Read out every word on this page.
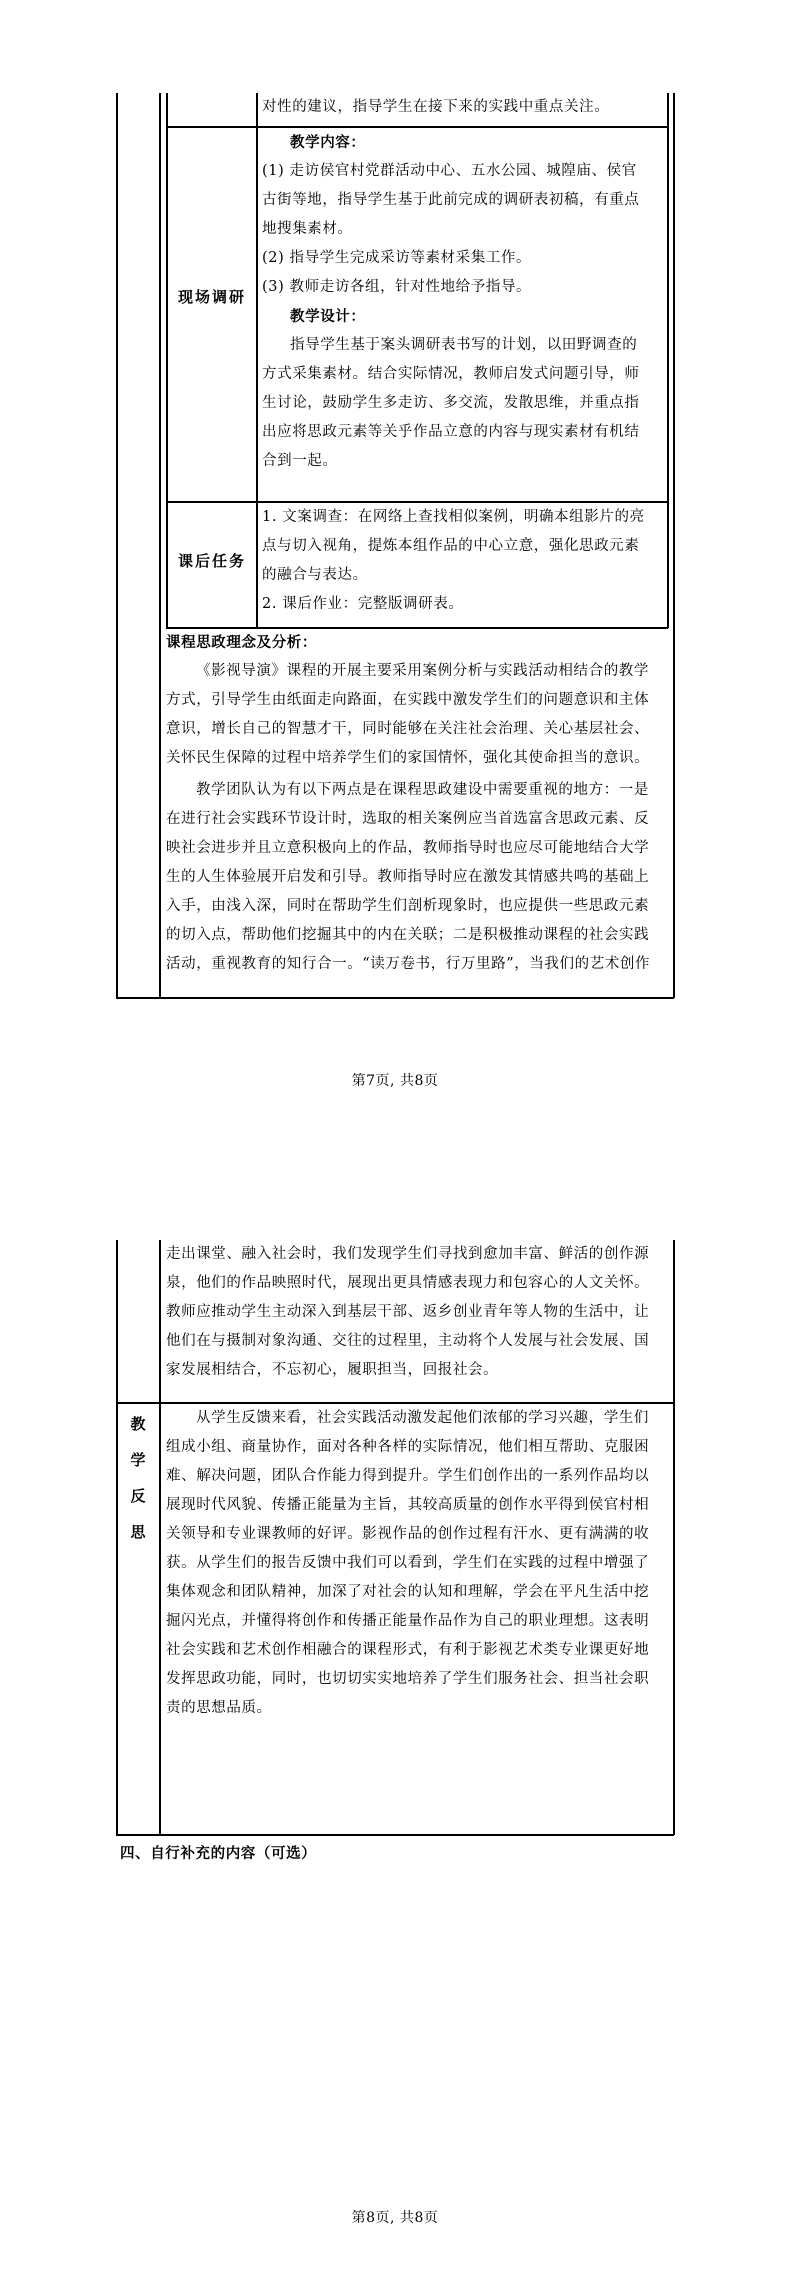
对性的建议，指导学生在接下来的实践中重点关注。
现场调研
教学内容：
(1) 走访侯官村党群活动中心、五水公园、城隍庙、侯官
古街等地，指导学生基于此前完成的调研表初稿，有重点
地搜集素材。
(2) 指导学生完成采访等素材采集工作。
(3) 教师走访各组，针对性地给予指导。
教学设计：
指导学生基于案头调研表书写的计划，以田野调查的
方式采集素材。结合实际情况，教师启发式问题引导，师
生讨论，鼓励学生多走访、多交流，发散思维，并重点指
出应将思政元素等关乎作品立意的内容与现实素材有机结
合到一起。
课后任务
1. 文案调查：在网络上查找相似案例，明确本组影片的亮
点与切入视角，提炼本组作品的中心立意，强化思政元素
的融合与表达。
2. 课后作业：完整版调研表。
课程思政理念及分析：
《影视导演》课程的开展主要采用案例分析与实践活动相结合的教学
方式，引导学生由纸面走向路面，在实践中激发学生们的问题意识和主体
意识，增长自己的智慧才干，同时能够在关注社会治理、关心基层社会、
关怀民生保障的过程中培养学生们的家国情怀，强化其使命担当的意识。
教学团队认为有以下两点是在课程思政建设中需要重视的地方：一是
在进行社会实践环节设计时，选取的相关案例应当首选富含思政元素、反
映社会进步并且立意积极向上的作品，教师指导时也应尽可能地结合大学
生的人生体验展开启发和引导。教师指导时应在激发其情感共鸣的基础上
入手，由浅入深，同时在帮助学生们剖析现象时，也应提供一些思政元素
的切入点，帮助他们挖掘其中的内在关联；二是积极推动课程的社会实践
活动，重视教育的知行合一。“读万卷书，行万里路”，当我们的艺术创作
第7页, 共8页
走出课堂、融入社会时，我们发现学生们寻找到愈加丰富、鲜活的创作源
泉，他们的作品映照时代，展现出更具情感表现力和包容心的人文关怀。
教师应推动学生主动深入到基层干部、返乡创业青年等人物的生活中，让
他们在与摄制对象沟通、交往的过程里，主动将个人发展与社会发展、国
家发展相结合，不忘初心，履职担当，回报社会。
教
学
反
思
从学生反馈来看，社会实践活动激发起他们浓郁的学习兴趣，学生们
组成小组、商量协作，面对各种各样的实际情况，他们相互帮助、克服困
难、解决问题，团队合作能力得到提升。学生们创作出的一系列作品均以
展现时代风貌、传播正能量为主旨，其较高质量的创作水平得到侯官村相
关领导和专业课教师的好评。影视作品的创作过程有汗水、更有满满的收
获。从学生们的报告反馈中我们可以看到，学生们在实践的过程中增强了
集体观念和团队精神，加深了对社会的认知和理解，学会在平凡生活中挖
掘闪光点，并懂得将创作和传播正能量作品作为自己的职业理想。这表明
社会实践和艺术创作相融合的课程形式，有利于影视艺术类专业课更好地
发挥思政功能，同时，也切切实实地培养了学生们服务社会、担当社会职
责的思想品质。
四、自行补充的内容（可选）
第8页, 共8页
